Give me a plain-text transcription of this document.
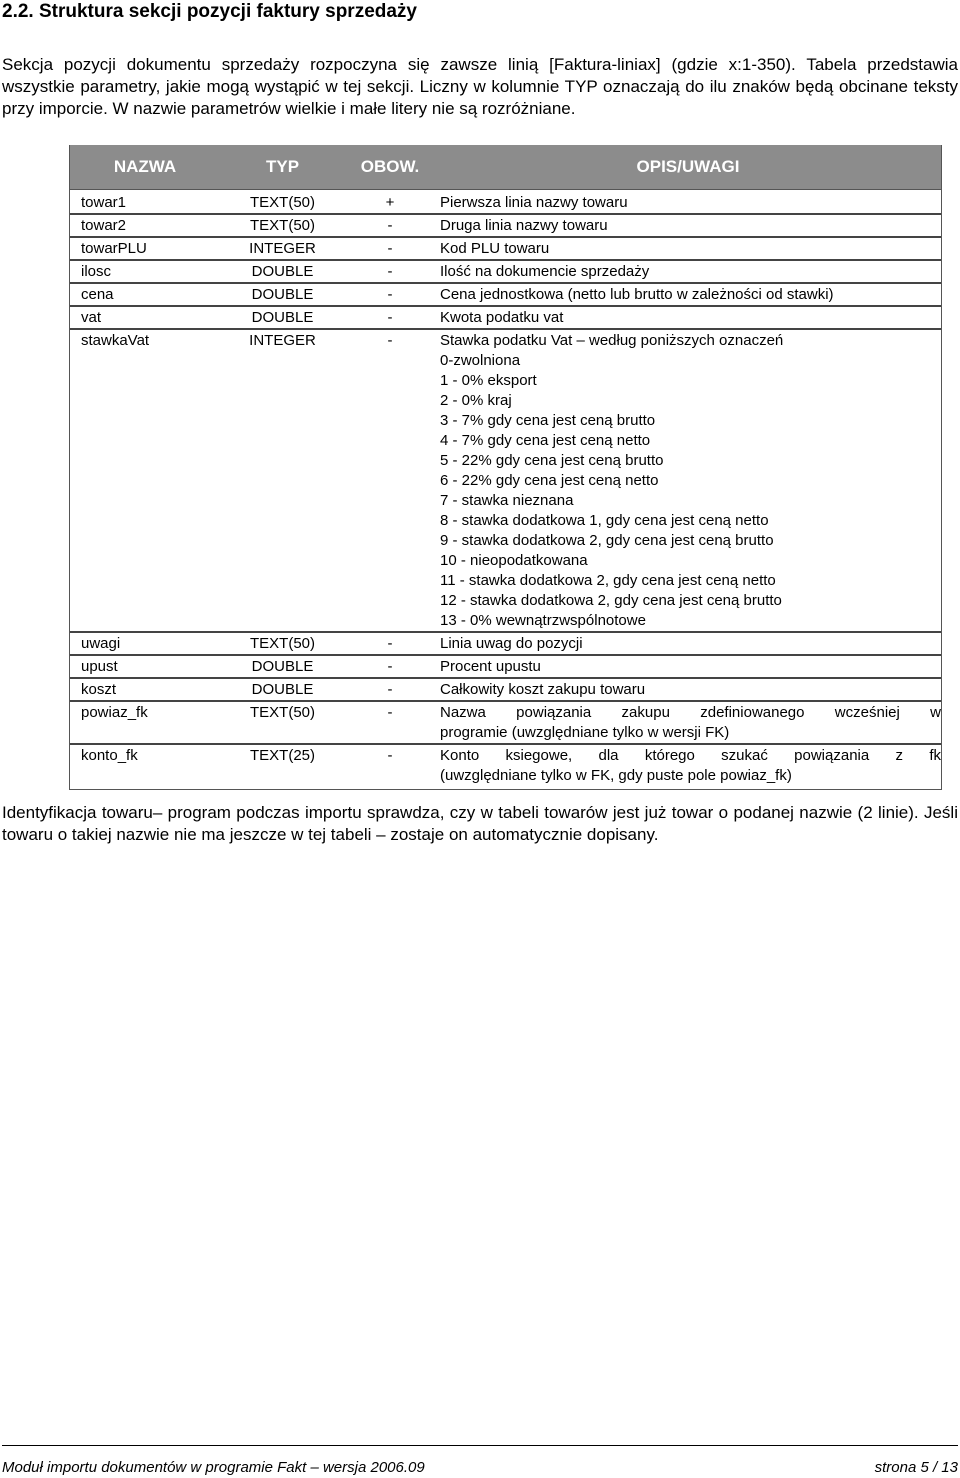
2.2. Struktura sekcji pozycji faktury sprzedaży

Sekcja pozycji dokumentu sprzedaży rozpoczyna się zawsze linią [Faktura-liniax] (gdzie x:1-350). Tabela przedstawia wszystkie parametry, jakie mogą wystąpić w tej sekcji. Liczny w kolumnie TYP oznaczają do ilu znaków będą obcinane teksty przy imporcie. W nazwie parametrów wielkie i małe litery nie są rozróżniane.

NAZWA	TYP	OBOW.	OPIS/UWAGI
towar1	TEXT(50)	+	Pierwsza linia nazwy towaru
towar2	TEXT(50)	-	Druga linia nazwy towaru
towarPLU	INTEGER	-	Kod PLU towaru
ilosc	DOUBLE	-	Ilość na dokumencie sprzedaży
cena	DOUBLE	-	Cena jednostkowa (netto lub brutto w zależności od stawki)
vat	DOUBLE	-	Kwota podatku vat
stawkaVat	INTEGER	-	Stawka podatku Vat – według poniższych oznaczeń
0-zwolniona
1 - 0% eksport
2 - 0% kraj
3 - 7% gdy cena jest ceną brutto
4 - 7% gdy cena jest ceną netto
5 - 22% gdy cena jest ceną brutto
6 - 22% gdy cena jest ceną netto
7 - stawka nieznana
8 - stawka dodatkowa 1, gdy cena jest ceną netto
9 - stawka dodatkowa 2, gdy cena jest ceną brutto
10 - nieopodatkowana
11 - stawka dodatkowa 2, gdy cena jest ceną netto
12 - stawka dodatkowa 2, gdy cena jest ceną brutto
13 - 0% wewnątrzwspólnotowe
uwagi	TEXT(50)	-	Linia uwag do pozycji
upust	DOUBLE	-	Procent upustu
koszt	DOUBLE	-	Całkowity koszt zakupu towaru
powiaz_fk	TEXT(50)	-	Nazwa powiązania zakupu zdefiniowanego wcześniej w
programie (uwzględniane tylko w wersji FK)
konto_fk	TEXT(25)	-	Konto ksiegowe, dla którego szukać powiązania z fk
(uwzględniane tylko w FK, gdy puste pole powiaz_fk)

Identyfikacja towaru– program podczas importu sprawdza, czy w tabeli towarów jest już towar o podanej nazwie (2 linie). Jeśli towaru o takiej nazwie nie ma jeszcze w tej tabeli – zostaje on automatycznie dopisany.

Moduł importu dokumentów w programie Fakt – wersja 2006.09	strona 5 / 13
